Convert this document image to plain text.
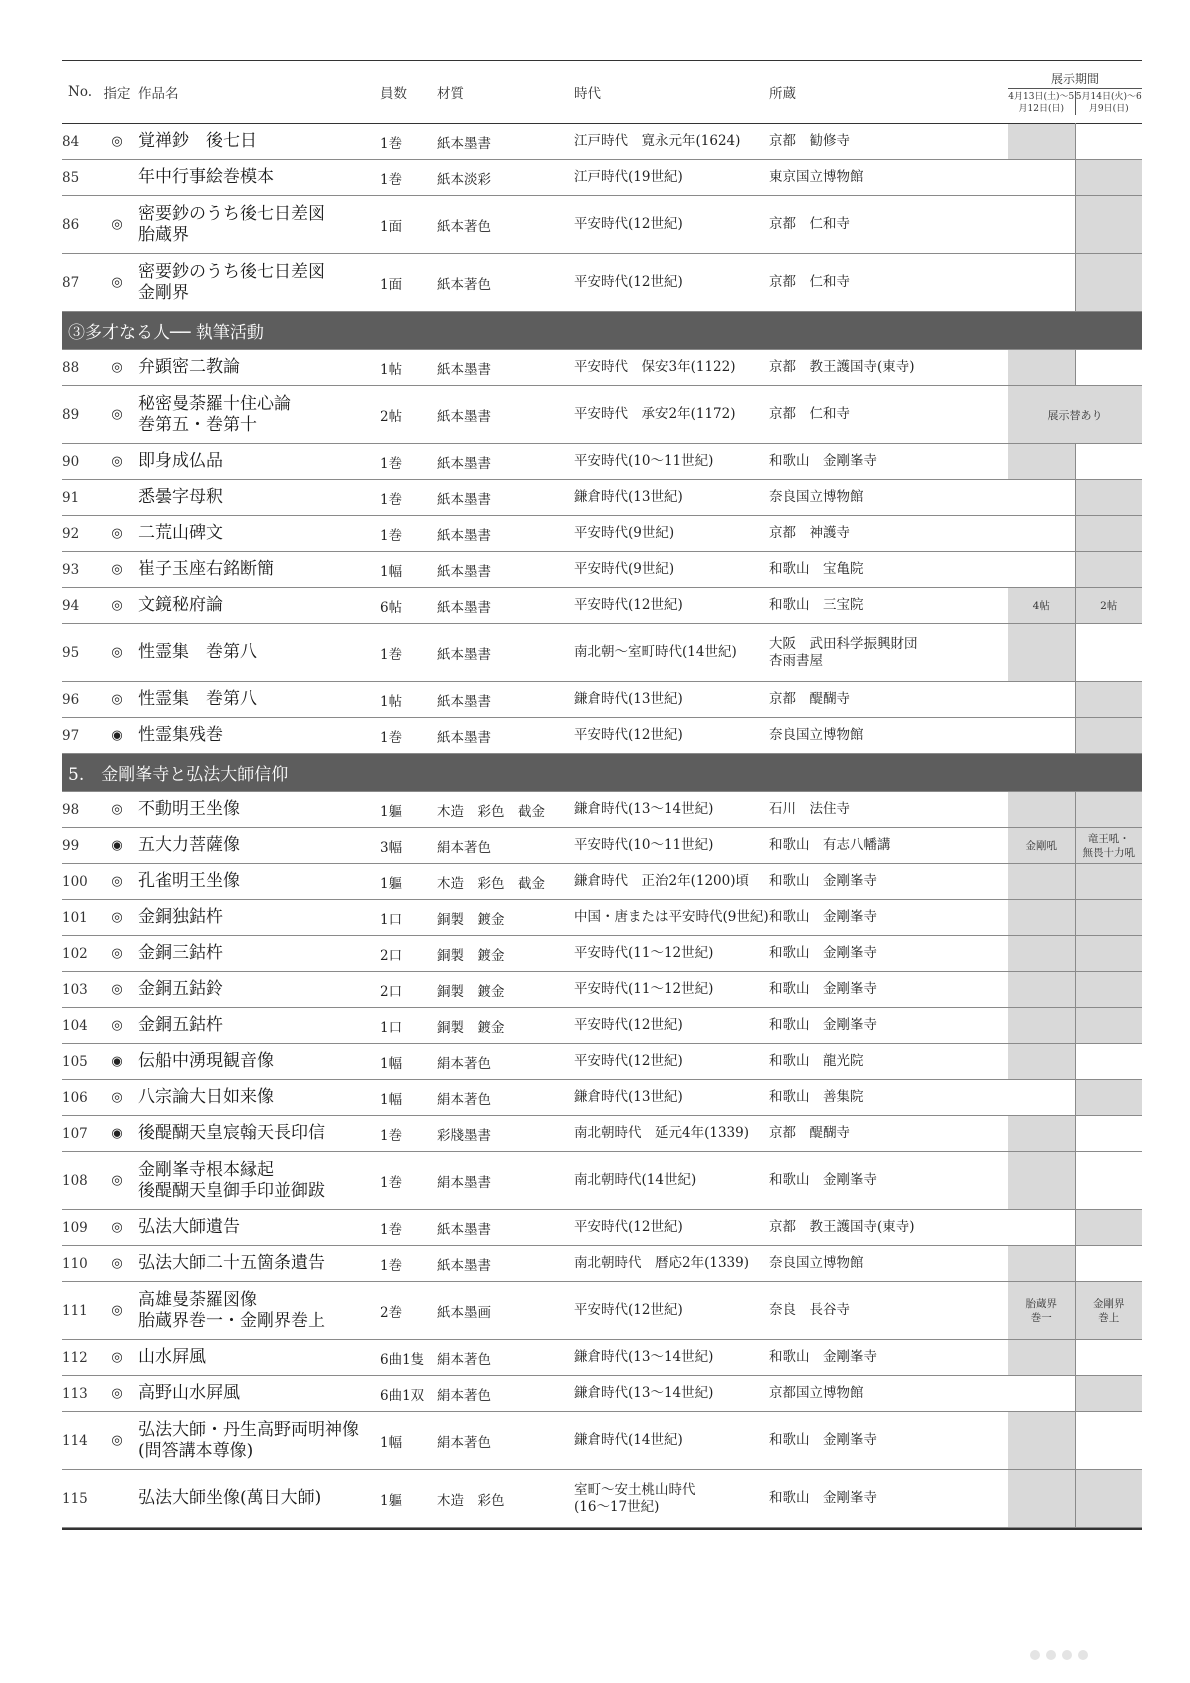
No.	指定	作品名	員数	材質	時代	所蔵	展示期間
4月13日(土)～5月12日(日)
5月14日(火)～6月9日(日)	

84	◎	覚禅鈔　後七日	1巻	紙本墨書	江戸時代　寛永元年(1624)	京都　勧修寺		

85		年中行事絵巻模本	1巻	紙本淡彩	江戸時代(19世紀)	東京国立博物館		

86	◎	密要鈔のうち後七日差図
胎蔵界	1面	紙本著色	平安時代(12世紀)	京都　仁和寺		

87	◎	密要鈔のうち後七日差図
金剛界	1面	紙本著色	平安時代(12世紀)	京都　仁和寺		

③多才なる人── 執筆活動								
88	◎	弁顕密二教論	1帖	紙本墨書	平安時代　保安3年(1122)	京都　教王護国寺(東寺)		

89	◎	秘密曼荼羅十住心論
巻第五・巻第十	2帖	紙本墨書	平安時代　承安2年(1172)	京都　仁和寺	展示替あり	
90	◎	即身成仏品	1巻	紙本墨書	平安時代(10～11世紀)	和歌山　金剛峯寺		

91		悉曇字母釈	1巻	紙本墨書	鎌倉時代(13世紀)	奈良国立博物館		

92	◎	二荒山碑文	1巻	紙本墨書	平安時代(9世紀)	京都　神護寺		

93	◎	崔子玉座右銘断簡	1幅	紙本墨書	平安時代(9世紀)	和歌山　宝亀院		

94	◎	文鏡秘府論	6帖	紙本墨書	平安時代(12世紀)	和歌山　三宝院	4帖	2帖
95	◎	性霊集　巻第八	1巻	紙本墨書	南北朝～室町時代(14世紀)	大阪　武田科学振興財団
杏雨書屋		

96	◎	性霊集　巻第八	1帖	紙本墨書	鎌倉時代(13世紀)	京都　醍醐寺		

97	◉	性霊集残巻	1巻	紙本墨書	平安時代(12世紀)	奈良国立博物館		

5.　金剛峯寺と弘法大師信仰								
98	◎	不動明王坐像	1軀	木造　彩色　截金	鎌倉時代(13～14世紀)	石川　法住寺		

99	◉	五大力菩薩像	3幅	絹本著色	平安時代(10～11世紀)	和歌山　有志八幡講	金剛吼	竜王吼・
無畏十力吼
100	◎	孔雀明王坐像	1軀	木造　彩色　截金	鎌倉時代　正治2年(1200)頃	和歌山　金剛峯寺		

101	◎	金銅独鈷杵	1口	銅製　鍍金	中国・唐または平安時代(9世紀)	和歌山　金剛峯寺		

102	◎	金銅三鈷杵	2口	銅製　鍍金	平安時代(11～12世紀)	和歌山　金剛峯寺		

103	◎	金銅五鈷鈴	2口	銅製　鍍金	平安時代(11～12世紀)	和歌山　金剛峯寺		

104	◎	金銅五鈷杵	1口	銅製　鍍金	平安時代(12世紀)	和歌山　金剛峯寺		

105	◉	伝船中湧現観音像	1幅	絹本著色	平安時代(12世紀)	和歌山　龍光院		

106	◎	八宗論大日如来像	1幅	絹本著色	鎌倉時代(13世紀)	和歌山　善集院		

107	◉	後醍醐天皇宸翰天長印信	1巻	彩牋墨書	南北朝時代　延元4年(1339)	京都　醍醐寺		

108	◎	金剛峯寺根本縁起
後醍醐天皇御手印並御跋	1巻	絹本墨書	南北朝時代(14世紀)	和歌山　金剛峯寺		

109	◎	弘法大師遺告	1巻	紙本墨書	平安時代(12世紀)	京都　教王護国寺(東寺)		

110	◎	弘法大師二十五箇条遺告	1巻	紙本墨書	南北朝時代　暦応2年(1339)	奈良国立博物館		

111	◎	高雄曼荼羅図像
胎蔵界巻一・金剛界巻上	2巻	紙本墨画	平安時代(12世紀)	奈良　長谷寺	胎蔵界
巻一	金剛界
巻上
112	◎	山水屛風	6曲1隻	絹本著色	鎌倉時代(13～14世紀)	和歌山　金剛峯寺		

113	◎	高野山水屛風	6曲1双	絹本著色	鎌倉時代(13～14世紀)	京都国立博物館		

114	◎	弘法大師・丹生高野両明神像
(問答講本尊像)	1幅	絹本著色	鎌倉時代(14世紀)	和歌山　金剛峯寺		

115		弘法大師坐像(萬日大師)	1軀	木造　彩色	室町～安土桃山時代
(16～17世紀)	和歌山　金剛峯寺		
